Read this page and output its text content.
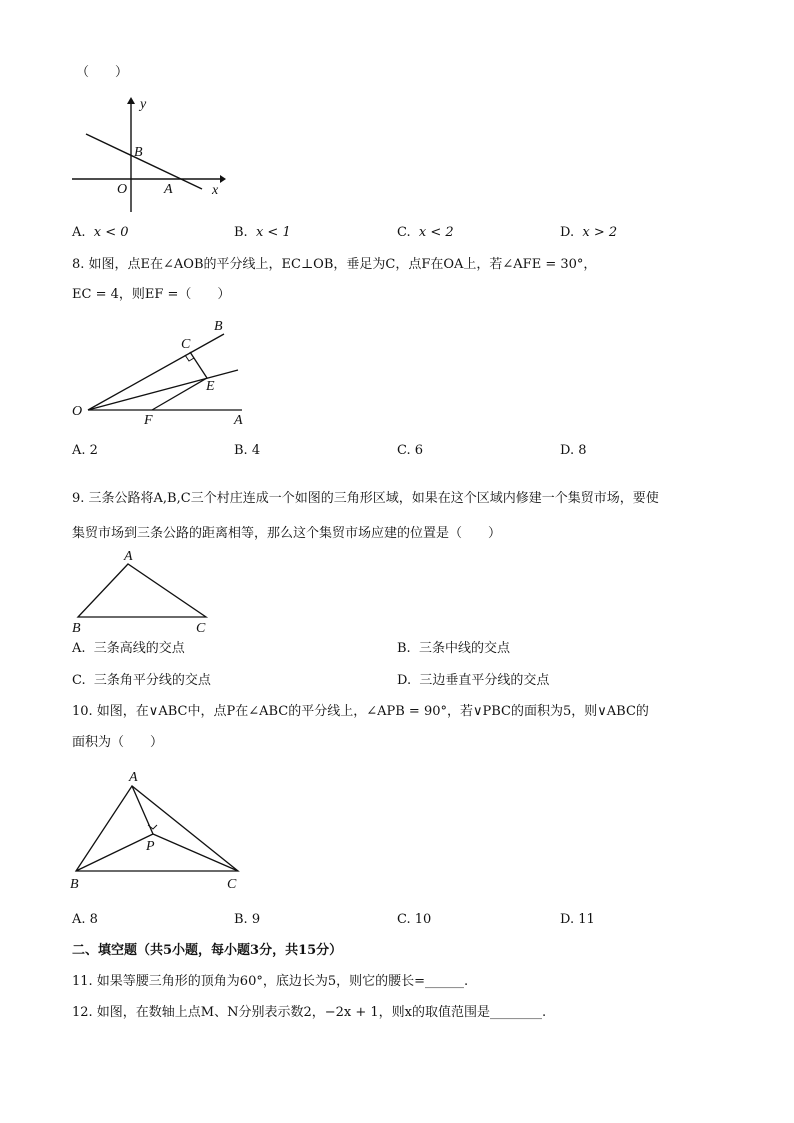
（　　）
y
x
B
O	A
A. x < 0	B. x < 1	C. x < 2	D. x > 2
8. 如图，点E在∠AOB的平分线上，EC⊥OB，垂足为C，点F在OA上，若∠AFE = 30°，
EC = 4，则EF =（　　）
B
C
E
O
F	A
A. 2	B. 4	C. 6	D. 8
9. 三条公路将A,B,C三个村庄连成一个如图的三角形区域，如果在这个区域内修建一个集贸市场，要使
集贸市场到三条公路的距离相等，那么这个集贸市场应建的位置是（　　）
A
B	C
A. 三条高线的交点	B. 三条中线的交点
C. 三条角平分线的交点	D. 三边垂直平分线的交点
10. 如图，在∨ABC中，点P在∠ABC的平分线上，∠APB = 90°，若∨PBC的面积为5，则∨ABC的
面积为（　　）
A
P
B	C
A. 8	B. 9	C. 10	D. 11
二、填空题（共5小题，每小题3分，共15分）
11. 如果等腰三角形的顶角为60°，底边长为5，则它的腰长=______.
12. 如图，在数轴上点M、N分别表示数2，−2x + 1，则x的取值范围是________.
